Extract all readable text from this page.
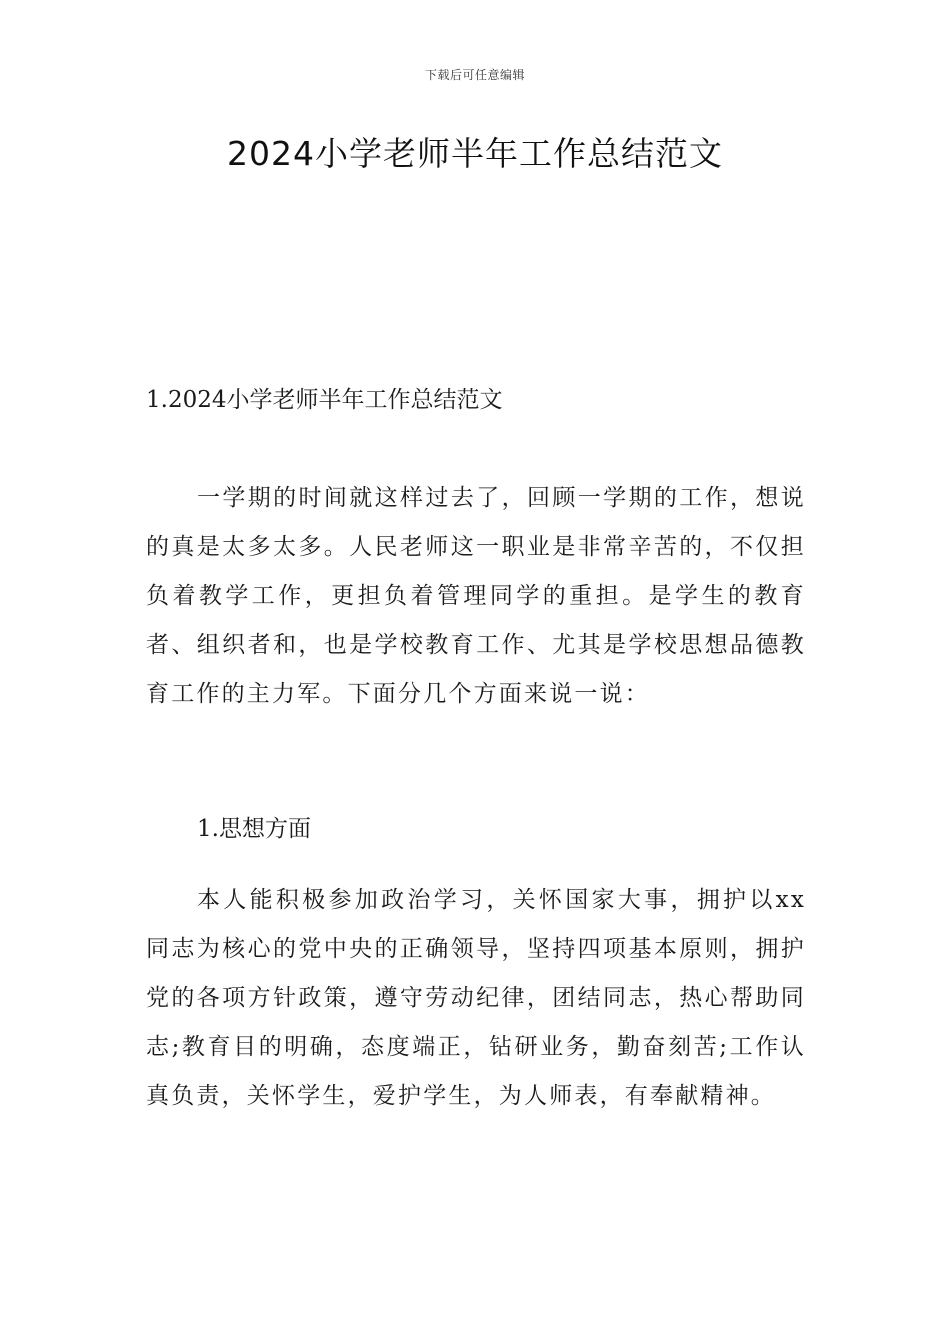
下载后可任意编辑
2024小学老师半年工作总结范文

1.2024小学老师半年工作总结范文

一学期的时间就这样过去了，回顾一学期的工作，想说的真是太多太多。人民老师这一职业是非常辛苦的，不仅担负着教学工作，更担负着管理同学的重担。是学生的教育者、组织者和，也是学校教育工作、尤其是学校思想品德教育工作的主力军。下面分几个方面来说一说：

1.思想方面

本人能积极参加政治学习，关怀国家大事，拥护以xx同志为核心的党中央的正确领导，坚持四项基本原则，拥护党的各项方针政策，遵守劳动纪律，团结同志，热心帮助同志;教育目的明确，态度端正，钻研业务，勤奋刻苦;工作认真负责，关怀学生，爱护学生，为人师表，有奉献精神。
